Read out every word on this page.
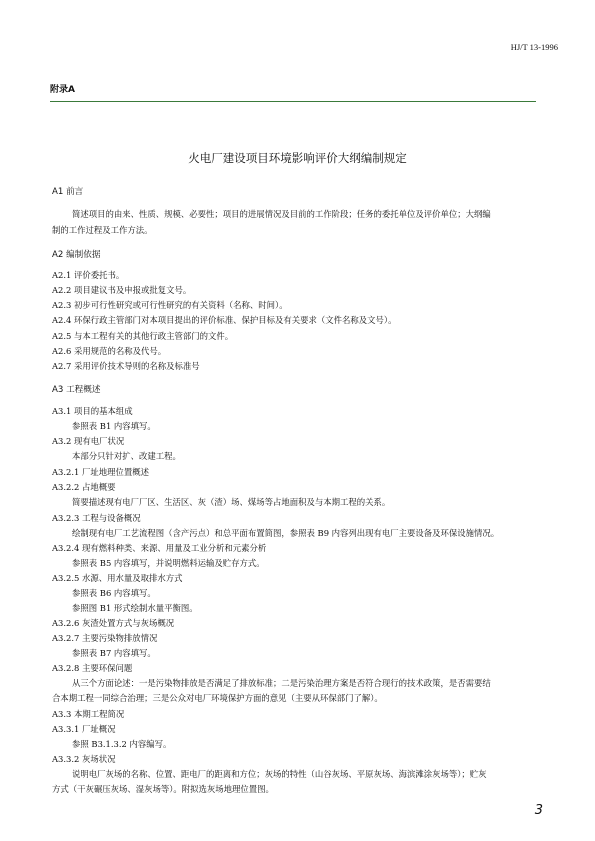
HJ/T 13-1996
附录A
火电厂建设项目环境影响评价大纲编制规定
A1 前言
简述项目的由来、性质、规模、必要性；项目的进展情况及目前的工作阶段；任务的委托单位及评价单位；大纲编
制的工作过程及工作方法。
A2 编制依据
A2.1 评价委托书。
A2.2 项目建议书及申报或批复文号。
A2.3 初步可行性研究或可行性研究的有关资料（名称、时间）。
A2.4 环保行政主管部门对本项目提出的评价标准、保护目标及有关要求（文件名称及文号）。
A2.5 与本工程有关的其他行政主管部门的文件。
A2.6 采用规范的名称及代号。
A2.7 采用评价技术导则的名称及标准号
A3 工程概述
A3.1 项目的基本组成
参照表 B1 内容填写。
A3.2 现有电厂状况
本部分只针对扩、改建工程。
A3.2.1 厂址地理位置概述
A3.2.2 占地概要
简要描述现有电厂厂区、生活区、灰（渣）场、煤场等占地面积及与本期工程的关系。
A3.2.3 工程与设备概况
绘制现有电厂工艺流程图（含产污点）和总平面布置简图，参照表 B9 内容列出现有电厂主要设备及环保设施情况。
A3.2.4 现有燃料种类、来源、用量及工业分析和元素分析
参照表 B5 内容填写，并说明燃料运输及贮存方式。
A3.2.5 水源、用水量及取排水方式
参照表 B6 内容填写。
参照图 B1 形式绘制水量平衡图。
A3.2.6 灰渣处置方式与灰场概况
A3.2.7 主要污染物排放情况
参照表 B7 内容填写。
A3.2.8 主要环保问题
从三个方面论述：一是污染物排放是否满足了排放标准；二是污染治理方案是否符合现行的技术政策，是否需要结
合本期工程一同综合治理；三是公众对电厂环境保护方面的意见（主要从环保部门了解）。
A3.3 本期工程简况
A3.3.1 厂址概况
参照 B3.1.3.2 内容编写。
A3.3.2 灰场状况
说明电厂灰场的名称、位置、距电厂的距离和方位；灰场的特性（山谷灰场、平原灰场、海滨滩涂灰场等）；贮灰
方式（干灰碾压灰场、湿灰场等）。附拟选灰场地理位置图。
3
